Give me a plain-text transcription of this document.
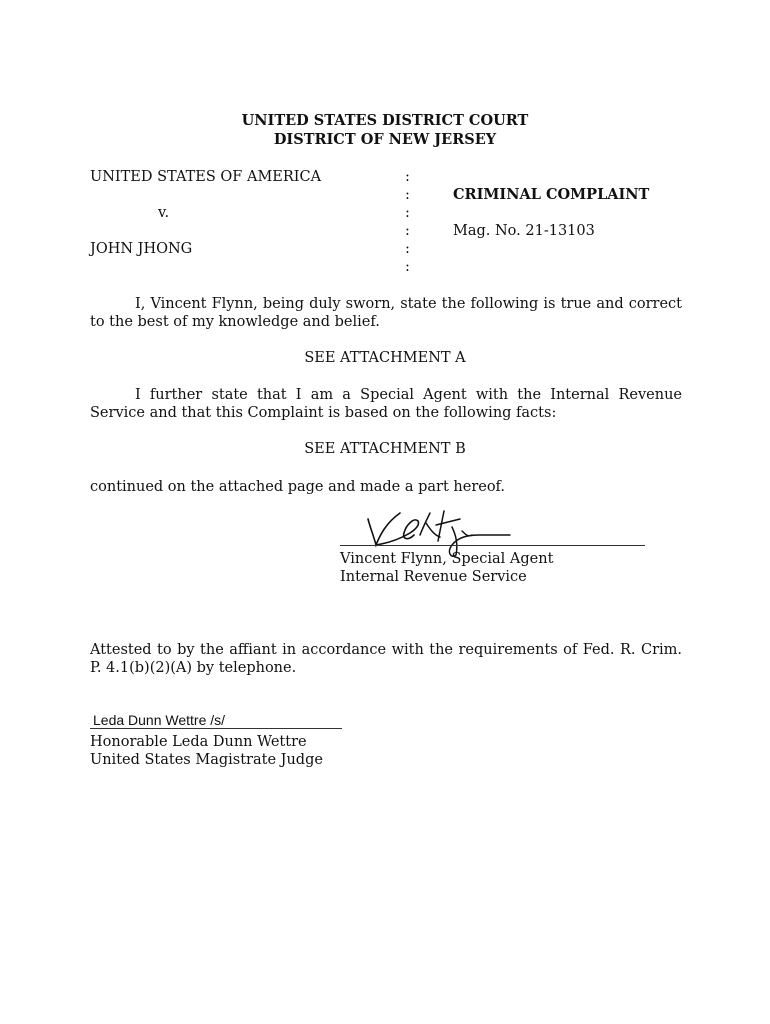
UNITED STATES DISTRICT COURT
DISTRICT OF NEW JERSEY
UNITED STATES OF AMERICA
v.
JOHN JHONG
:
:
:
:
:
:
CRIMINAL COMPLAINT
Mag. No. 21-13103
I, Vincent Flynn, being duly sworn, state the following is true and correct to the best of my knowledge and belief.
SEE ATTACHMENT A
I further state that I am a Special Agent with the Internal Revenue Service and that this Complaint is based on the following facts:
SEE ATTACHMENT B
continued on the attached page and made a part hereof.
Vincent Flynn, Special Agent
Internal Revenue Service
Attested to by the affiant in accordance with the requirements of Fed. R. Crim. P. 4.1(b)(2)(A) by telephone.
Leda Dunn Wettre /s/
Honorable Leda Dunn Wettre
United States Magistrate Judge
